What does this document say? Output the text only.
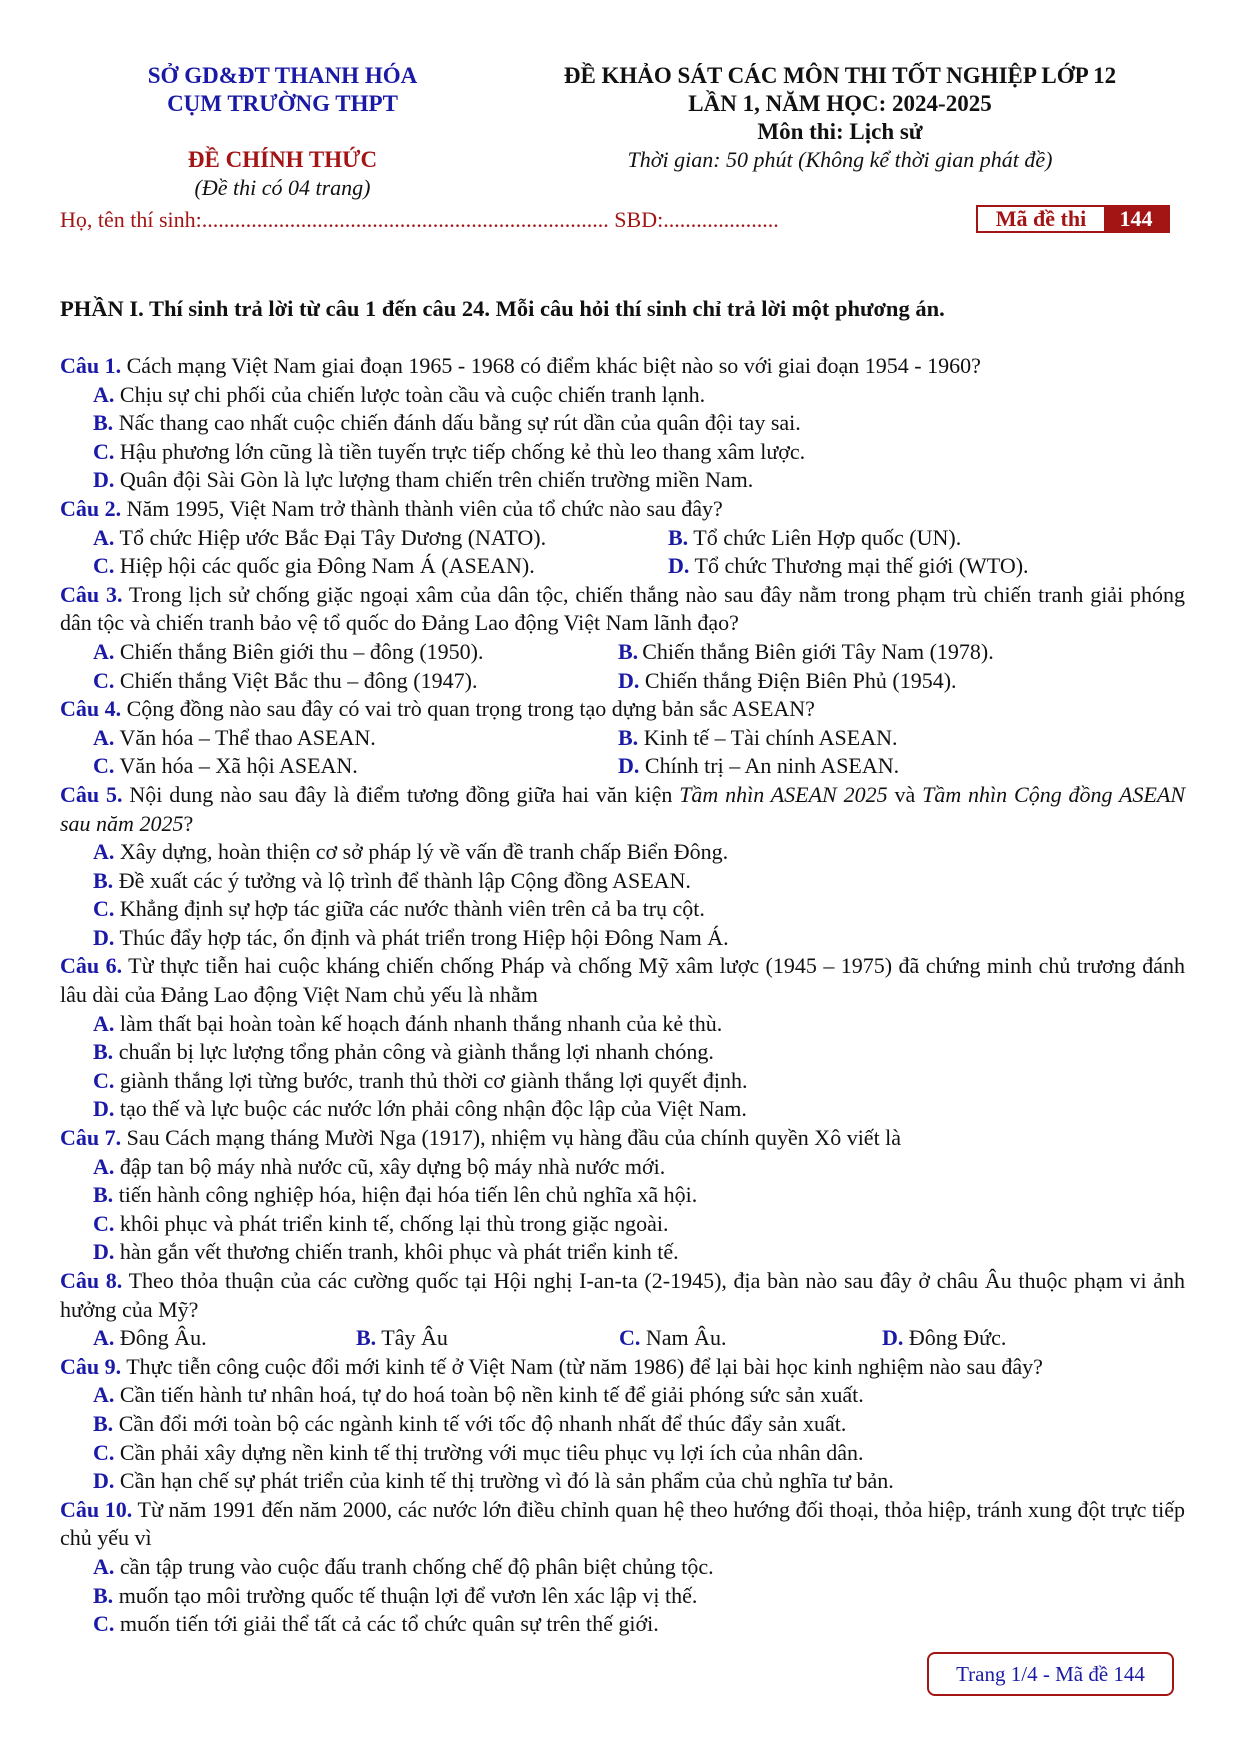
SỞ GD&ĐT THANH HÓA
CỤM TRƯỜNG THPT
ĐỀ CHÍNH THỨC
(Đề thi có 04 trang)
ĐỀ KHẢO SÁT CÁC MÔN THI TỐT NGHIỆP LỚP 12
LẦN 1, NĂM HỌC: 2024-2025
Môn thi: Lịch sử
Thời gian: 50 phút (Không kể thời gian phát đề)
Họ, tên thí sinh:.......................................................................... SBD:.....................	Mã đề thi	144
PHẦN I. Thí sinh trả lời từ câu 1 đến câu 24. Mỗi câu hỏi thí sinh chỉ trả lời một phương án.

Câu 1. Cách mạng Việt Nam giai đoạn 1965 - 1968 có điểm khác biệt nào so với giai đoạn 1954 - 1960?

A. Chịu sự chi phối của chiến lược toàn cầu và cuộc chiến tranh lạnh.
B. Nấc thang cao nhất cuộc chiến đánh dấu bằng sự rút dần của quân đội tay sai.
C. Hậu phương lớn cũng là tiền tuyến trực tiếp chống kẻ thù leo thang xâm lược.
D. Quân đội Sài Gòn là lực lượng tham chiến trên chiến trường miền Nam.

Câu 2. Năm 1995, Việt Nam trở thành thành viên của tổ chức nào sau đây?

A. Tổ chức Hiệp ước Bắc Đại Tây Dương (NATO).	B. Tổ chức Liên Hợp quốc (UN).
C. Hiệp hội các quốc gia Đông Nam Á (ASEAN).	D. Tổ chức Thương mại thế giới (WTO).

Câu 3. Trong lịch sử chống giặc ngoại xâm của dân tộc, chiến thắng nào sau đây nằm trong phạm trù chiến tranh giải phóng dân tộc và chiến tranh bảo vệ tổ quốc do Đảng Lao động Việt Nam lãnh đạo?

A. Chiến thắng Biên giới thu – đông (1950).	B. Chiến thắng Biên giới Tây Nam (1978).
C. Chiến thắng Việt Bắc thu – đông (1947).	D. Chiến thắng Điện Biên Phủ (1954).

Câu 4. Cộng đồng nào sau đây có vai trò quan trọng trong tạo dựng bản sắc ASEAN?

A. Văn hóa – Thể thao ASEAN.	B. Kinh tế – Tài chính ASEAN.
C. Văn hóa – Xã hội ASEAN.	D. Chính trị – An ninh ASEAN.

Câu 5. Nội dung nào sau đây là điểm tương đồng giữa hai văn kiện Tầm nhìn ASEAN 2025 và Tầm nhìn Cộng đồng ASEAN sau năm 2025?

A. Xây dựng, hoàn thiện cơ sở pháp lý về vấn đề tranh chấp Biển Đông.
B. Đề xuất các ý tưởng và lộ trình để thành lập Cộng đồng ASEAN.
C. Khẳng định sự hợp tác giữa các nước thành viên trên cả ba trụ cột.
D. Thúc đẩy hợp tác, ổn định và phát triển trong Hiệp hội Đông Nam Á.

Câu 6. Từ thực tiễn hai cuộc kháng chiến chống Pháp và chống Mỹ xâm lược (1945 – 1975) đã chứng minh chủ trương đánh lâu dài của Đảng Lao động Việt Nam chủ yếu là nhằm

A. làm thất bại hoàn toàn kế hoạch đánh nhanh thắng nhanh của kẻ thù.
B. chuẩn bị lực lượng tổng phản công và giành thắng lợi nhanh chóng.
C. giành thắng lợi từng bước, tranh thủ thời cơ giành thắng lợi quyết định.
D. tạo thế và lực buộc các nước lớn phải công nhận độc lập của Việt Nam.

Câu 7. Sau Cách mạng tháng Mười Nga (1917), nhiệm vụ hàng đầu của chính quyền Xô viết là

A. đập tan bộ máy nhà nước cũ, xây dựng bộ máy nhà nước mới.
B. tiến hành công nghiệp hóa, hiện đại hóa tiến lên chủ nghĩa xã hội.
C. khôi phục và phát triển kinh tế, chống lại thù trong giặc ngoài.
D. hàn gắn vết thương chiến tranh, khôi phục và phát triển kinh tế.

Câu 8. Theo thỏa thuận của các cường quốc tại Hội nghị I-an-ta (2-1945), địa bàn nào sau đây ở châu Âu thuộc phạm vi ảnh hưởng của Mỹ?

A. Đông Âu.	B. Tây Âu	C. Nam Âu.	D. Đông Đức.

Câu 9. Thực tiễn công cuộc đổi mới kinh tế ở Việt Nam (từ năm 1986) để lại bài học kinh nghiệm nào sau đây?

A. Cần tiến hành tư nhân hoá, tự do hoá toàn bộ nền kinh tế để giải phóng sức sản xuất.
B. Cần đổi mới toàn bộ các ngành kinh tế với tốc độ nhanh nhất để thúc đẩy sản xuất.
C. Cần phải xây dựng nền kinh tế thị trường với mục tiêu phục vụ lợi ích của nhân dân.
D. Cần hạn chế sự phát triển của kinh tế thị trường vì đó là sản phẩm của chủ nghĩa tư bản.

Câu 10. Từ năm 1991 đến năm 2000, các nước lớn điều chỉnh quan hệ theo hướng đối thoại, thỏa hiệp, tránh xung đột trực tiếp chủ yếu vì

A. cần tập trung vào cuộc đấu tranh chống chế độ phân biệt chủng tộc.
B. muốn tạo môi trường quốc tế thuận lợi để vươn lên xác lập vị thế.
C. muốn tiến tới giải thể tất cả các tổ chức quân sự trên thế giới.
Trang 1/4 - Mã đề 144
